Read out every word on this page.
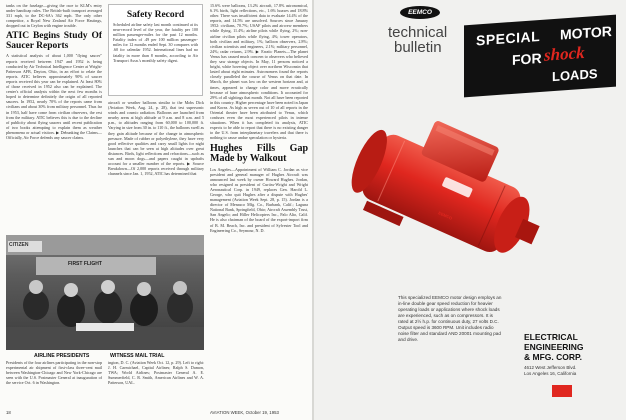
tanks on the fuselage—giving the race to KLM's entry under handicap rules. The British-built transport averaged 331 mph, to the DC-6A's 362 mph. The only other competitor, a Royal New Zealand Air Force Hastings, dropped out in Ceylon with engine trouble.

ATIC Begins Study Of Saucer Reports

A statistical analysis of about 1,000 "flying saucer" reports received between 1947 and 1952 is being conducted by Air Technical Intelligence Center at Wright-Patterson AFB, Dayton, Ohio, in an effort to relate the reports. ATIC believes approximately 90% of saucer reports received this year can be explained. At least 80% of those received in 1952 also can be explained. The center's official analysis within the next few months is hoped to determine definitely the origin of all reported saucers. In 1952, nearly 70% of the reports came from civilians and about 30% from military personnel. Thus far in 1953, half have come from civilian observers, the rest from the military. ATIC believes this is due to the decline of publicity about flying saucers until recent publication of two books attempting to explain them as weather phenomena or actual visitors. ▶ Debunking the Claims—Officially, Air Force defends any saucer claims.

Safety Record
Scheduled airline safety last month continued at its near-record level of the year, the fatality per 100 million passenger-miles for the past 12 months. Fatality index of .49 per 100 million passenger-miles for 12 months ended Sept. 30 compares with .60 for calendar 1952. International lines had no fatality in more than 8 months, according to Air Transport Assn.'s monthly safety digest.
aircraft or weather balloons similar to the Mobs Dick (Aviation Week, Aug. 24, p. 28), that test supersonic winds and cosmic radiation. Balloons are launched from nearby areas at high altitude at 9 a.m. and 8 a.m. and 5 p.m., to altitudes ranging from 60,000 to 100,000 ft. Varying in size from 30 in. to 110 ft., the balloons swell as they gain altitude because of the change in atmospheric pressure. Made of rubber or polyethylene, they have very good reflective qualities and carry small lights for night launches that can be seen at high altitudes over great distances. Birds, light reflections and refractions—such as sun and moon dogs—and papers caught in updrafts account for a smaller number of the reports. ▶ Source Breakdown—Of 2,000 reports received through military channels since Jan. 1, 1952, ATIC has determined that

15.6% were balloons, 13.2% aircraft, 17.8% astronomical, 6.1% birds, light reflections, etc., 1.6% hoaxes and 18.8% other. There was insufficient data to evaluate 14.4% of the reports, and 14.5% are unsolved. Sources since January 1952: civilians, 70.7%; USAF pilots and aircrew members while flying, 11.4%; airline pilots while flying, 2%; non-airline civilian pilots while flying, 4%; tower operators, both civilian and military, 1%; balloon observers, 2.8%; civilian scientists and engineers, 2.1%; military personnel, 24%; radar returns, 2.9%. ▶ Erratic Planets—The planet Venus has caused much concern to observers who believed they saw strange objects. In May, 11 persons noticed a bright, white hovering object over northern Wisconsin that lasted about eight minutes. Astronomers found the reports closely paralleled the course of Venus on that date. In March, the planet was low on the western horizon and, at times, appeared to change color and move erratically because of haze atmospheric conditions. It accounted for 29% of all sightings that month. Not all have been reported in this country. Higher percentage have been noted in Japan and Korea. As high as seven out of 10 of all reports in the Oriental theater have been attributed to Venus, which confuses even the most experienced pilots in intense situations. When it has completed its analysis, ATIC expects to be able to report that there is no existing danger to the U.S. from interplanetary travelers and that there is nothing to cause undue speculation or hysteria.

Hughes Fills Gap Made by Walkout

Los Angeles—Appointment of William C. Jordan as vice president and general manager of Hughes Aircraft was announced last week by owner Howard Hughes. Jordan, who resigned as president of Curtiss-Wright and Wright Aeronautical Corp. in 1949, replaces Gen. Harold L. George, who quit Hughes after a dispute with Hughes' management (Aviation Week Sept. 28, p. 15). Jordan is a director of Menasco Mfg. Co., Burbank, Calif.; Laguna National Bank, Springfield, Ohio; Aircraft Assembly Trust, San Angelo; and Hiller Helicopters Inc., Palo Alto, Calif. He is also chairman of the board of the export-import firm of B. M. Beach, Inc. and president of Sylvester Tool and Engineering Co., Seymour, N. D.

CITIZEN
FIRST FLIGHT
AIRLINE PRESIDENTS
Presidents of the four airlines participating in the non-stop experimental air shipment of first-class three-cent mail between Washington-Chicago and New York-Chicago are seen with the U.S. Postmaster General at inauguration of the service Oct. 6 in Washington.
WITNESS MAIL TRIAL
ington, D. C. (Aviation Week Oct. 12, p. 29). Left to right: J. H. Carmichael, Capital Airlines; Ralph S. Damon, TWA; World Airlines; Postmaster General A. E. Summerfield, C. R. Smith, American Airlines and W. A. Patterson, UAL.
18	AVIATION WEEK, October 19, 1953
EEMCO
technical
bulletin SPECIAL MOTOR
FOR shock
LOADS
EEMCO
This specialized EEMCO motor design employs an in-line double gear speed reduction for heavier operating loads or applications where shock loads are experienced, such as on compressors. It is rated at 2½ h.p. for continuous duty, 27 volts D.C. Output speed is 3600 RPM. Unit includes radio noise filter and standard AND 20001 mounting pad and drive.	ELECTRICAL
ENGINEERING
& MFG. CORP.
4612 West Jefferson Blvd.
Los Angeles 16, California
